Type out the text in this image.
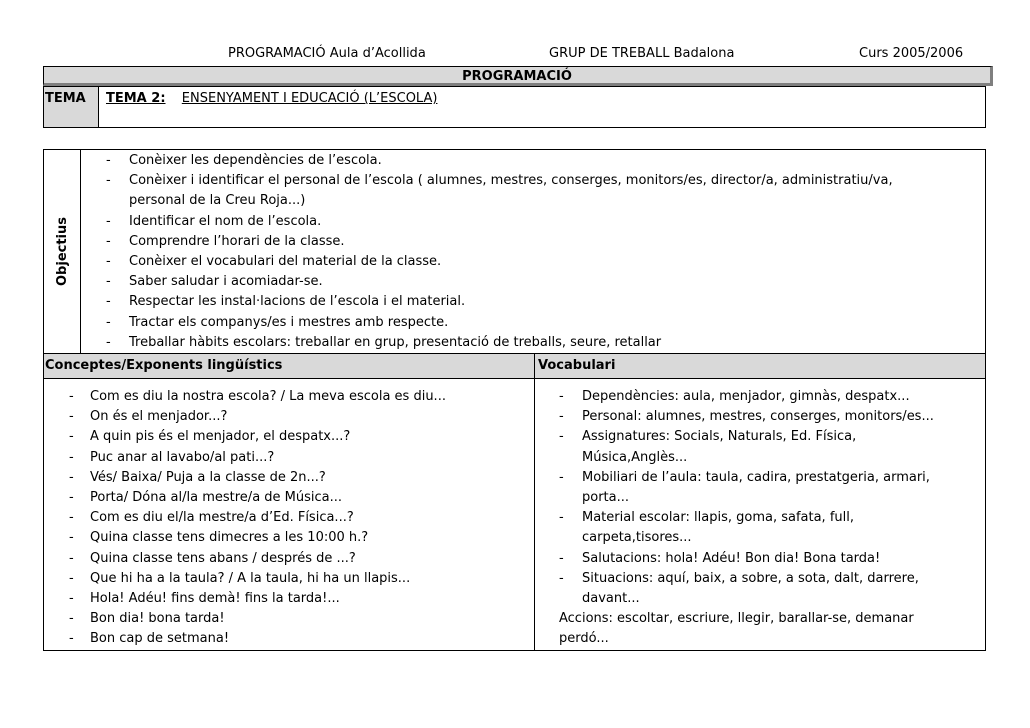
PROGRAMACIÓ Aula d’Acollida	GRUP DE TREBALL Badalona	Curs 2005/2006
PROGRAMACIÓ
TEMA TEMA 2: ENSENYAMENT I EDUCACIÓ (L’ESCOLA)
Objectius
- Conèixer les dependències de l’escola.
- Conèixer i identificar el personal de l’escola ( alumnes, mestres, conserges, monitors/es, director/a, administratiu/va,
personal de la Creu Roja...)
- Identificar el nom de l’escola.
- Comprendre l’horari de la classe.
- Conèixer el vocabulari del material de la classe.
- Saber saludar i acomiadar-se.
- Respectar les instal·lacions de l’escola i el material.
- Tractar els companys/es i mestres amb respecte.
- Treballar hàbits escolars: treballar en grup, presentació de treballs, seure, retallar
Conceptes/Exponents lingüístics	Vocabulari
- Com es diu la nostra escola? / La meva escola es diu...
- On és el menjador...?
- A quin pis és el menjador, el despatx...?
- Puc anar al lavabo/al pati...?
- Vés/ Baixa/ Puja a la classe de 2n...?
- Porta/ Dóna al/la mestre/a de Música...
- Com es diu el/la mestre/a d’Ed. Física...?
- Quina classe tens dimecres a les 10:00 h.?
- Quina classe tens abans / després de ...?
- Que hi ha a la taula? / A la taula, hi ha un llapis...
- Hola! Adéu! fins demà! fins la tarda!...
- Bon dia! bona tarda!
- Bon cap de setmana!
- Dependències: aula, menjador, gimnàs, despatx...
- Personal: alumnes, mestres, conserges, monitors/es...
- Assignatures: Socials, Naturals, Ed. Física,
Música,Anglès...
- Mobiliari de l’aula: taula, cadira, prestatgeria, armari,
porta...
- Material escolar: llapis, goma, safata, full,
carpeta,tisores...
- Salutacions: hola! Adéu! Bon dia! Bona tarda!
- Situacions: aquí, baix, a sobre, a sota, dalt, darrere,
davant...
Accions: escoltar, escriure, llegir, barallar-se, demanar
perdó...
